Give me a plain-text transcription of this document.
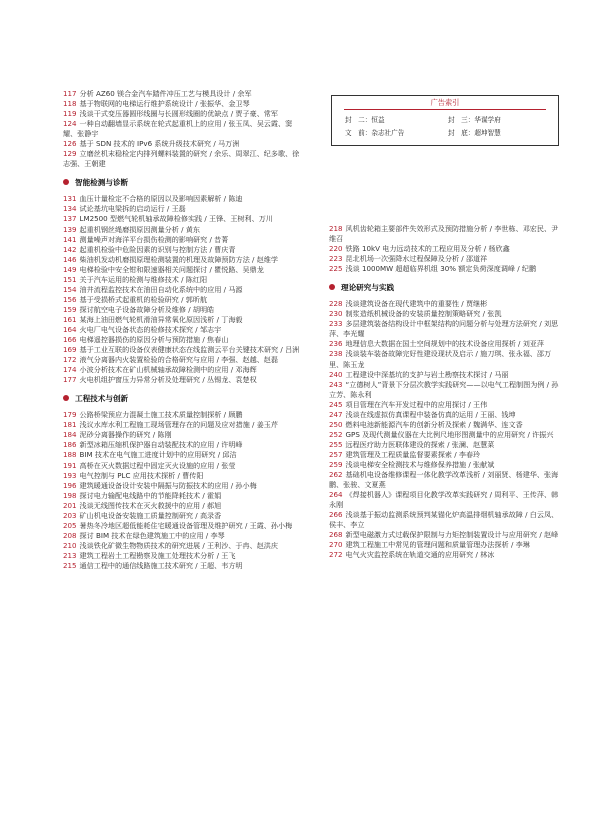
广告索引
封　二：恒益	封　三：华谋学府
文　前：杂志社广告	封　底：超坤智慧
117 分析 AZ60 镁合金汽车踏件冲压工艺与模具设计 / 余军
118 基于物联网的电梯运行维护系统设计 / 张振华、金卫琴
119 浅谈干式变压器圆形线圈与长圆形线圈的优缺点 / 贾子豪、常军
124 一种自动翻墙显示系统在轮式起重机上的应用 / 张玉凤、吴云霞、窦耀、张静宇
126 基于 SDN 技术的 IPv6 系统升级技术研究 / 马万洲
129 立磨丝机末稳检定内排列螺料装置的研究 / 余乐、周翠江、纪多歌、徐志强、王朝建
智能检测与诊断
131 血压计量检定不合格的原因以及影响因素解析 / 陈迪
134 试论基坑电梁拆的启动运行 / 王磊
137 LM2500 型燃气轮机轴承故障检修实践 / 王锋、王树利、万川
139 起重机钢丝绳磨损原因测量分析 / 黄东
141 测量噪声对海洋平台损伤检测的影响研究 / 昔菁
142 起重机检验中危险因素的识别与控制方法 / 曹庆青
146 柴油机发动机磨损原理检测装置的机理及故障预防方法 / 赵维学
149 电梯检验中安全钳和限速器相关问题探讨 / 瞿悦路、吴鼎龙
151 关于汽车运用的检测与维修技术 / 陈红阳
154 油井流程监控技术在油田自动化系统中的应用 / 马源
156 基于受损桥式起重机的检验研究 / 郭昕航
159 探讨航空电子设备故障分析及维修 / 胡明皓
161 某海上油田燃气轮机滑油异常氧化原因浅析 / 丁海毅
164 火电厂电气设备状态的检修技术探究 / 邹志宇
166 电梯遥控器损伤的原因分析与预防措施 / 焦春山
169 基于工业互联的设备仪表健康状态在线监测云平台关键技术研究 / 吕洲
172 液气分离器内火装置检验的合格研究与应用 / 李强、赵越、赵磊
174 小波分析技术在矿山机械轴承故障检测中的应用 / 邓海辉
177 火电机组护窗压力异常分析及处理研究 / 丛锡龙、袁楚权
工程技术与创新
179 公路桥梁预应力混凝土施工技术质量控制探析 / 顾鹏
181 浅议水库水利工程施工现场管理存在的问题及应对措施 / 姜玉芹
184 泥砂分离器操作的研究 / 陈刚
186 新型冰箱压缩机保护器自动装配技术的应用 / 许明峰
188 BIM 技术在电气施工进度计划中的应用研究 / 邱洁
191 高桥在灭火数据过程中固定灭火设施的应用 / 张莹
193 电气控制与 PLC 应用技术探析 / 曹传阳
196 建筑暖通设备设计安装中隔振与防振技术的应用 / 孙小梅
198 探讨电力输配电线路中的节能降耗技术 / 霍娟
201 浅谈无线图传技术在灭火救援中的应用 / 郝旭
203 矿山机电设备安装施工质量控制研究 / 高录香
205 暑热冬冷地区超低能耗住宅暖通设备管理及维护研究 / 王霞、孙小梅
208 探讨 BIM 技术在绿色建筑施工中的应用 / 李琴
210 浅谈铁化矿微生物物质技术的研究进展 / 王利沙、于冉、赵洪庆
213 建筑工程岩土工程勘察及施工处理技术分析 / 王飞
215 通信工程中的通信线路施工技术研究 / 王超、韦方明
218 风机齿轮箱主要部件失效形式及预防措施分析 / 李世栋、邓宏民、尹维召
220 铁路 10kV 电力远动技术的工程应用及分析 / 杨欣鑫
223 昆北机场一次强降水过程保障及分析 / 邵道祥
225 浅谈 1000MW 超超临界机组 30% 额定负荷深度调峰 / 纪鹏
理论研究与实践
228 浅谈建筑设备在现代建筑中的重要性 / 贾继彬
230 制浆造纸机械设备的安装质量控制策略研究 / 张凯
233 多层建筑装备结构设计中框架结构的问题分析与处理方法研究 / 刘思萍、李光耀
236 地理信息大数据在国土空间规划中的技术设备应用探析 / 刘亚萍
238 浅谈装车装备故障完好性建设现状及启示 / 施刀琪、张永福、邵万里、陈玉龙
240 工程建设中深基坑的支护与岩土勘察技术探讨 / 马丽
243 “立德树人”背景下分层次教学实践研究——以电气工程制图为例 / 孙立芳、陈永利
245 项目管理在汽车开发过程中的应用探讨 / 王伟
247 浅谈在线虚拟仿真课程中装备仿真的运用 / 王丽、钱坤
250 燃料电池新能源汽车的创新分析及探索 / 魏满华、连文香
252 GPS 及现代测量仪器在大比例尺地形图测量中的应用研究 / 许振兴
255 远程医疗助力医联体建设的探索 / 张澜、赵慧菜
257 建筑管理及工程质量监督要素探索 / 李春玲
259 浅谈电梯安全检测技术与维修保养措施 / 张献斌
262 基础机电设备维修课程一体化教学改革浅析 / 刘丽贤、杨建华、张海鹏、张骏、文夏燕
264 《焊接机器人》课程项目化教学改革实践研究 / 周利平、王传萍、韩永刚
266 浅谈基于振动监测系统预判某锚化炉高温排烟机轴承故障 / 白云凤、侯丰、李立
268 新型电磁激力式过载保护限制与力矩控制装置设计与应用研究 / 赵峰
270 建筑工程施工中常见的管理问题和质量管理办法探析 / 李琳
272 电气火灾监控系统在轨道交通的应用研究 / 林冰
